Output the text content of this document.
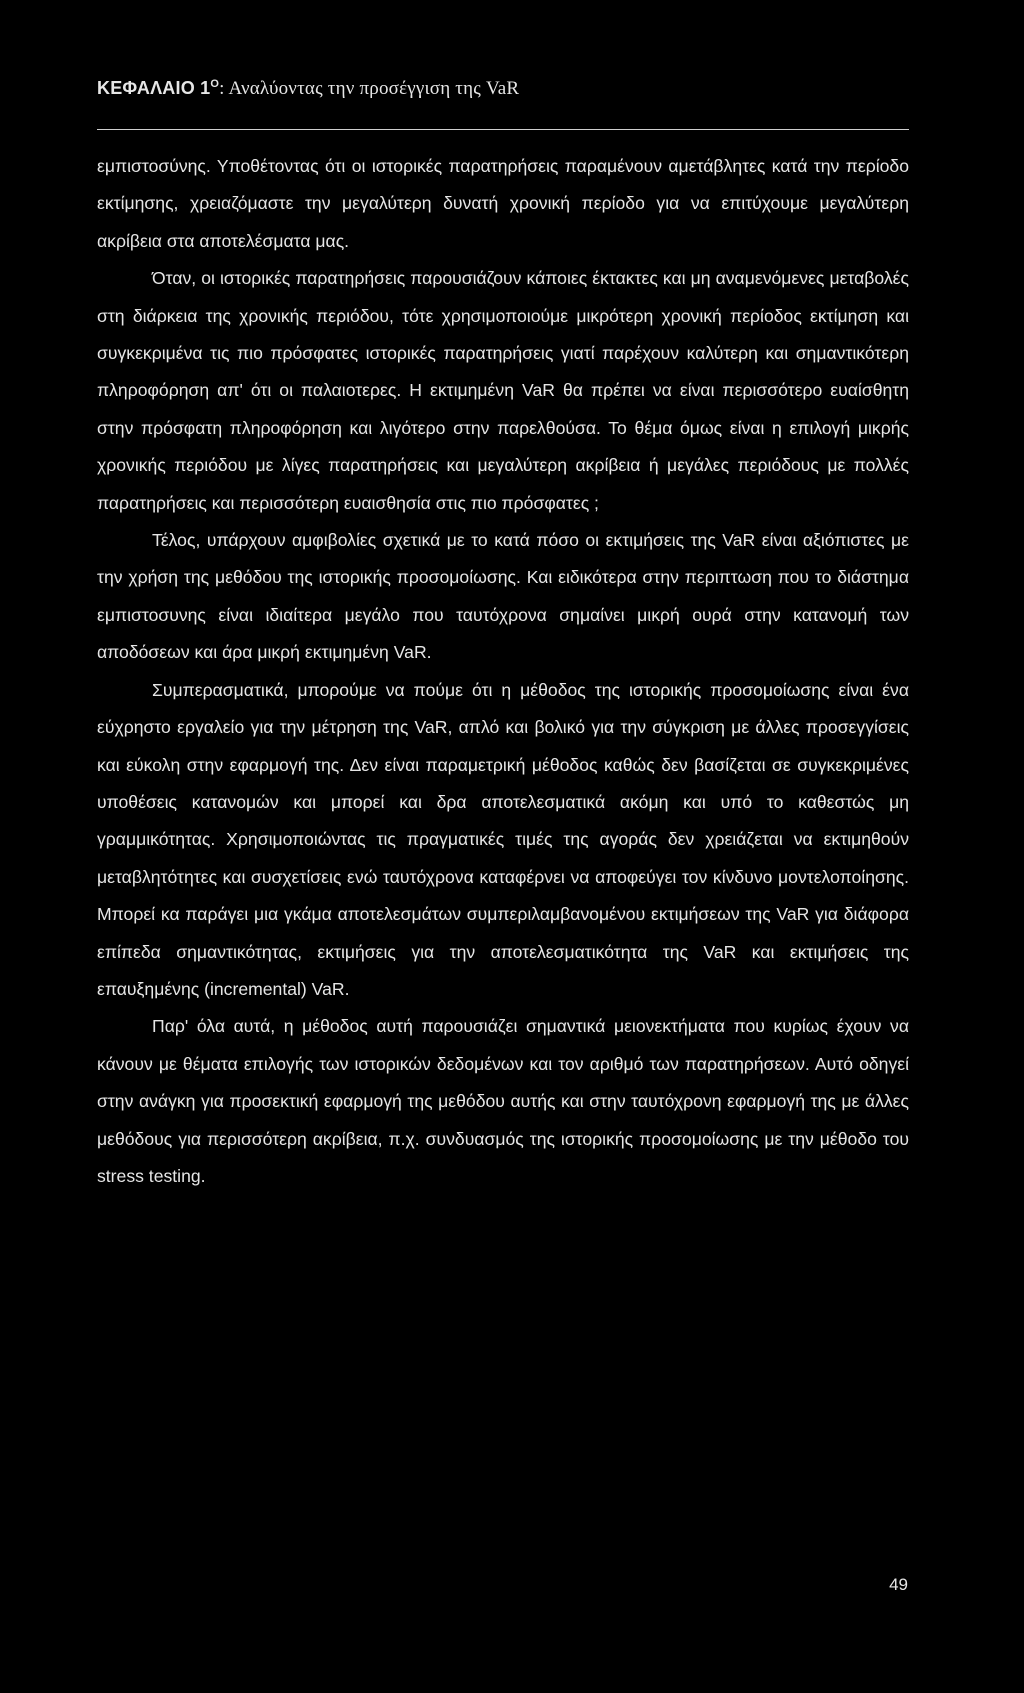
ΚΕΦΑΛΑΙΟ $1^O$: Αναλύοντας την προσέγγιση της VaR

εμπιστοσύνης. Υποθέτοντας ότι οι ιστορικές παρατηρήσεις παραμένουν αμετάβλητες κατά την περίοδο εκτίμησης, χρειαζόμαστε την μεγαλύτερη δυνατή χρονική περίοδο για να επιτύχουμε μεγαλύτερη ακρίβεια στα αποτελέσματα μας.

Όταν, οι ιστορικές παρατηρήσεις παρουσιάζουν κάποιες έκτακτες και μη αναμενόμενες μεταβολές στη διάρκεια της χρονικής περιόδου, τότε χρησιμοποιούμε μικρότερη χρονική περίοδος εκτίμηση και συγκεκριμένα τις πιο πρόσφατες ιστορικές παρατηρήσεις γιατί παρέχουν καλύτερη και σημαντικότερη πληροφόρηση απ' ότι οι παλαιοτερες. Η εκτιμημένη VaR θα πρέπει να είναι περισσότερο ευαίσθητη στην πρόσφατη πληροφόρηση και λιγότερο στην παρελθούσα. Το θέμα όμως είναι η επιλογή μικρής χρονικής περιόδου με λίγες παρατηρήσεις και μεγαλύτερη ακρίβεια ή μεγάλες περιόδους με πολλές παρατηρήσεις και περισσότερη ευαισθησία στις πιο πρόσφατες ;

Τέλος, υπάρχουν αμφιβολίες σχετικά με το κατά πόσο οι εκτιμήσεις της VaR είναι αξιόπιστες με την χρήση της μεθόδου της ιστορικής προσομοίωσης. Και ειδικότερα στην περιπτωση που το διάστημα εμπιστοσυνης είναι ιδιαίτερα μεγάλο που ταυτόχρονα σημαίνει μικρή ουρά στην κατανομή των αποδόσεων και άρα μικρή εκτιμημένη VaR.

Συμπερασματικά, μπορούμε να πούμε ότι η μέθοδος της ιστορικής προσομοίωσης είναι ένα εύχρηστο εργαλείο για την μέτρηση της VaR, απλό και βολικό για την σύγκριση με άλλες προσεγγίσεις και εύκολη στην εφαρμογή της. Δεν είναι παραμετρική μέθοδος καθώς δεν βασίζεται σε συγκεκριμένες υποθέσεις κατανομών και μπορεί και δρα αποτελεσματικά ακόμη και υπό το καθεστώς μη γραμμικότητας. Χρησιμοποιώντας τις πραγματικές τιμές της αγοράς δεν χρειάζεται να εκτιμηθούν μεταβλητότητες και συσχετίσεις ενώ ταυτόχρονα καταφέρνει να αποφεύγει τον κίνδυνο μοντελοποίησης. Μπορεί κα παράγει μια γκάμα αποτελεσμάτων συμπεριλαμβανομένου εκτιμήσεων της VaR για διάφορα επίπεδα σημαντικότητας, εκτιμήσεις για την αποτελεσματικότητα της VaR και εκτιμήσεις της επαυξημένης (incremental) VaR.

Παρ' όλα αυτά, η μέθοδος αυτή παρουσιάζει σημαντικά μειονεκτήματα που κυρίως έχουν να κάνουν με θέματα επιλογής των ιστορικών δεδομένων και τον αριθμό των παρατηρήσεων. Αυτό οδηγεί στην ανάγκη για προσεκτική εφαρμογή της μεθόδου αυτής και στην ταυτόχρονη εφαρμογή της με άλλες μεθόδους για περισσότερη ακρίβεια, π.χ. συνδυασμός της ιστορικής προσομοίωσης με την μέθοδο του stress testing.

49
